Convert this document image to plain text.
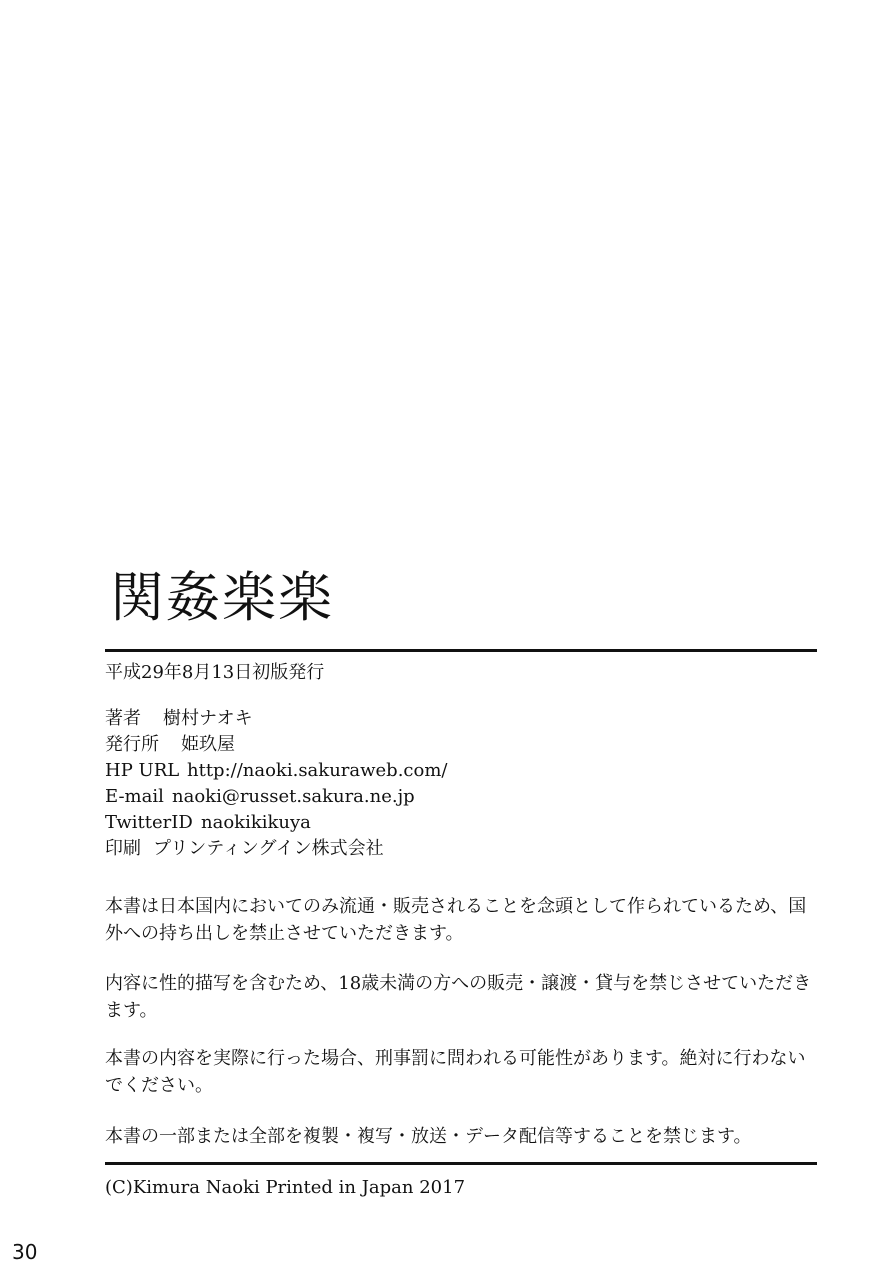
関姦楽楽
平成29年8月13日初版発行
著者 樹村ナオキ
発行所 姫玖屋
HP URL http://naoki.sakuraweb.com/
E-mail naoki@russet.sakura.ne.jp
TwitterID naokikikuya
印刷 プリンティングイン株式会社

本書は日本国内においてのみ流通・販売されることを念頭として作られているため、国外への持ち出しを禁止させていただきます。

内容に性的描写を含むため、18歳未満の方への販売・譲渡・貸与を禁じさせていただきます。

本書の内容を実際に行った場合、刑事罰に問われる可能性があります。絶対に行わないでください。

本書の一部または全部を複製・複写・放送・データ配信等することを禁じます。

(C)Kimura Naoki Printed in Japan 2017
30
